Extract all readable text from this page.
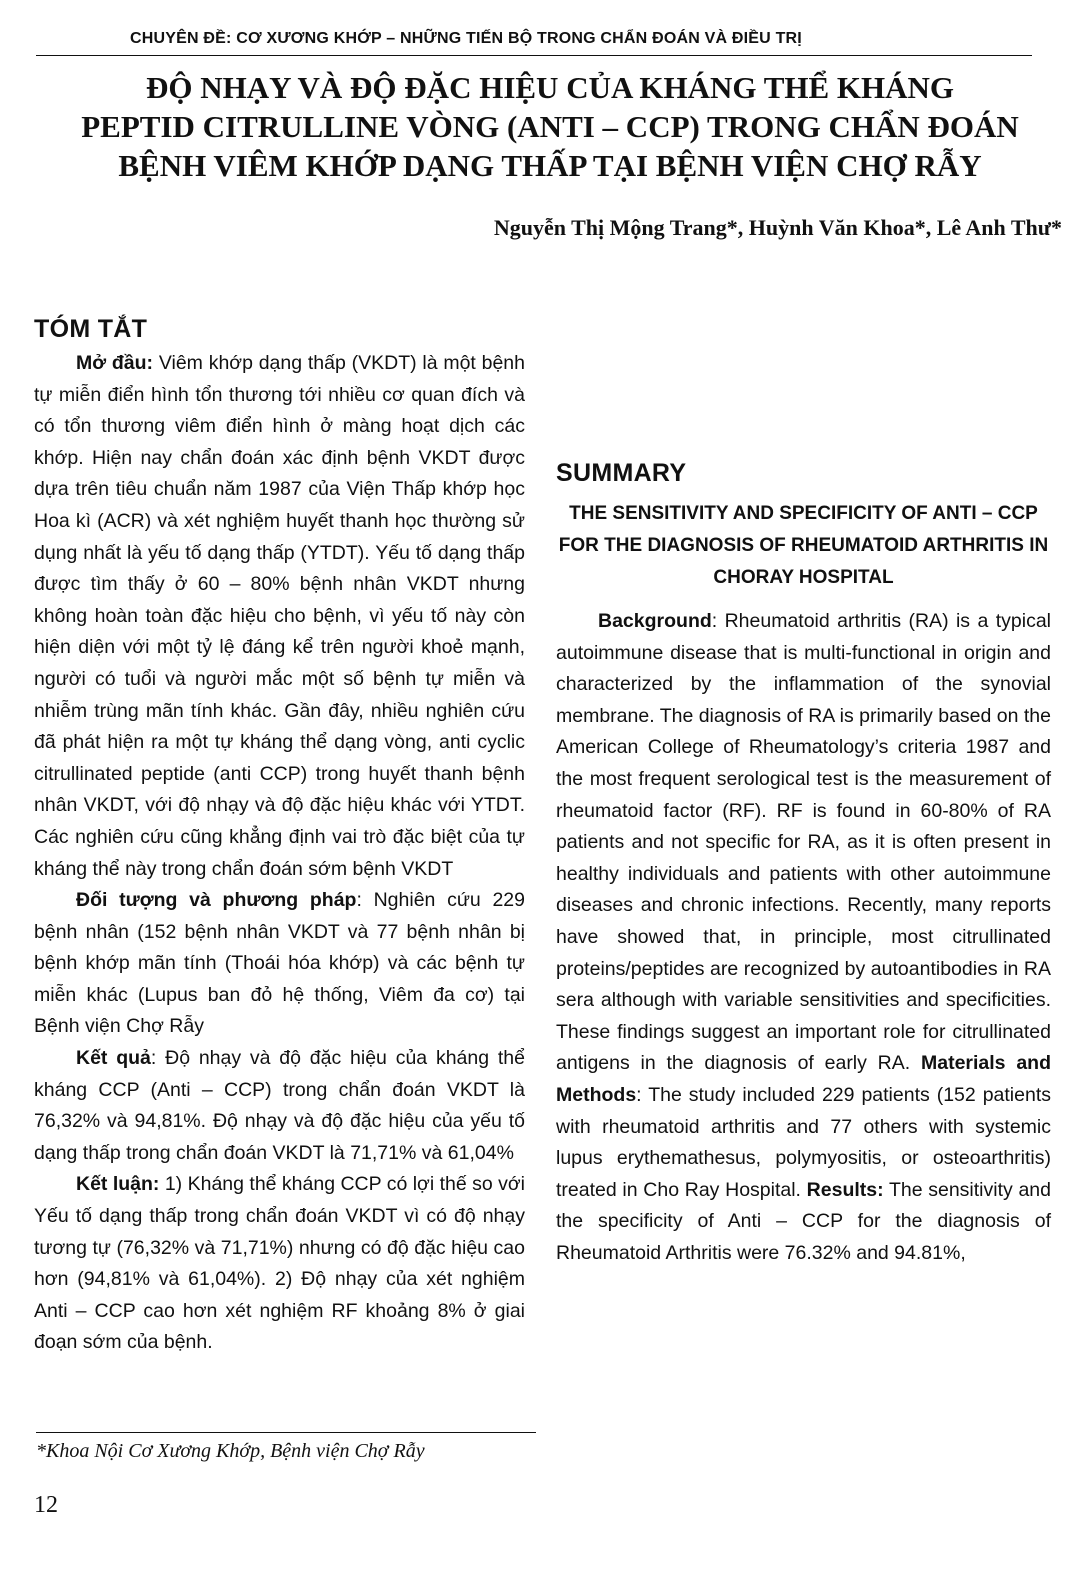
CHUYÊN ĐỀ: CƠ XƯƠNG KHỚP – NHỮNG TIẾN BỘ TRONG CHẨN ĐOÁN VÀ ĐIỀU TRỊ
ĐỘ NHẠY VÀ ĐỘ ĐẶC HIỆU CỦA KHÁNG THỂ KHÁNG
PEPTID CITRULLINE VÒNG (ANTI – CCP) TRONG CHẨN ĐOÁN
BỆNH VIÊM KHỚP DẠNG THẤP TẠI BỆNH VIỆN CHỢ RẪY
Nguyễn Thị Mộng Trang*, Huỳnh Văn Khoa*, Lê Anh Thư*
TÓM TẮT

Mở đầu: Viêm khớp dạng thấp (VKDT) là một bệnh tự miễn điển hình tổn thương tới nhiều cơ quan đích và có tổn thương viêm điển hình ở màng hoạt dịch các khớp. Hiện nay chẩn đoán xác định bệnh VKDT được dựa trên tiêu chuẩn năm 1987 của Viện Thấp khớp học Hoa kì (ACR) và xét nghiệm huyết thanh học thường sử dụng nhất là yếu tố dạng thấp (YTDT). Yếu tố dạng thấp được tìm thấy ở 60 – 80% bệnh nhân VKDT nhưng không hoàn toàn đặc hiệu cho bệnh, vì yếu tố này còn hiện diện với một tỷ lệ đáng kể trên người khoẻ mạnh, người có tuổi và người mắc một số bệnh tự miễn và nhiễm trùng mãn tính khác. Gần đây, nhiều nghiên cứu đã phát hiện ra một tự kháng thể dạng vòng, anti cyclic citrullinated peptide (anti CCP) trong huyết thanh bệnh nhân VKDT, với độ nhạy và độ đặc hiệu khác với YTDT. Các nghiên cứu cũng khẳng định vai trò đặc biệt của tự kháng thể này trong chẩn đoán sớm bệnh VKDT

Đối tượng và phương pháp: Nghiên cứu 229 bệnh nhân (152 bệnh nhân VKDT và 77 bệnh nhân bị bệnh khớp mãn tính (Thoái hóa khớp) và các bệnh tự miễn khác (Lupus ban đỏ hệ thống, Viêm đa cơ) tại Bệnh viện Chợ Rẫy

Kết quả: Độ nhạy và độ đặc hiệu của kháng thể kháng CCP (Anti – CCP) trong chẩn đoán VKDT là 76,32% và 94,81%. Độ nhạy và độ đặc hiệu của yếu tố dạng thấp trong chẩn đoán VKDT là 71,71% và 61,04%

Kết luận: 1) Kháng thể kháng CCP có lợi thế so với Yếu tố dạng thấp trong chẩn đoán VKDT vì có độ nhạy tương tự (76,32% và 71,71%) nhưng có độ đặc hiệu cao hơn (94,81% và 61,04%). 2) Độ nhạy của xét nghiệm Anti – CCP cao hơn xét nghiệm RF khoảng 8% ở giai đoạn sớm của bệnh.

SUMMARY
THE SENSITIVITY AND SPECIFICITY OF ANTI – CCP FOR THE DIAGNOSIS OF RHEUMATOID ARTHRITIS IN CHORAY HOSPITAL

Background: Rheumatoid arthritis (RA) is a typical autoimmune disease that is multi-functional in origin and characterized by the inflammation of the synovial membrane. The diagnosis of RA is primarily based on the American College of Rheumatology’s criteria 1987 and the most frequent serological test is the measurement of rheumatoid factor (RF). RF is found in 60-80% of RA patients and not specific for RA, as it is often present in healthy individuals and patients with other autoimmune diseases and chronic infections. Recently, many reports have showed that, in principle, most citrullinated proteins/peptides are recognized by autoantibodies in RA sera although with variable sensitivities and specificities. These findings suggest an important role for citrullinated antigens in the diagnosis of early RA. Materials and Methods: The study included 229 patients (152 patients with rheumatoid arthritis and 77 others with systemic lupus erythemathesus, polymyositis, or osteoarthritis) treated in Cho Ray Hospital. Results: The sensitivity and the specificity of Anti – CCP for the diagnosis of Rheumatoid Arthritis were 76.32% and 94.81%,

*Khoa Nội Cơ Xương Khớp, Bệnh viện Chợ Rẫy
12
